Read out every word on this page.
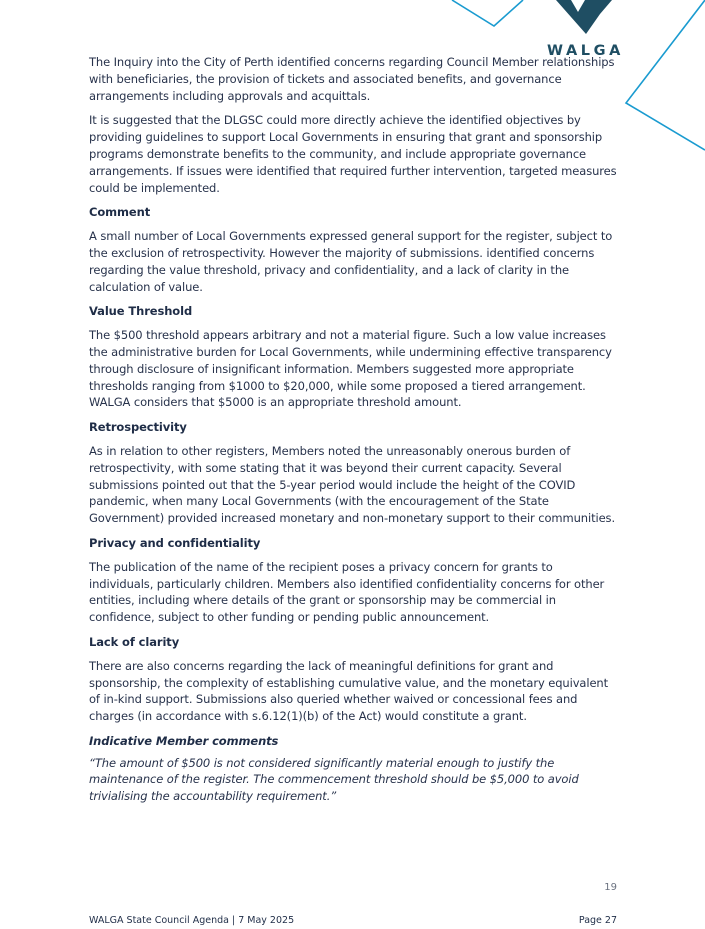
WALGA

The Inquiry into the City of Perth identified concerns regarding Council Member relationships with beneficiaries, the provision of tickets and associated benefits, and governance arrangements including approvals and acquittals.

It is suggested that the DLGSC could more directly achieve the identified objectives by providing guidelines to support Local Governments in ensuring that grant and sponsorship programs demonstrate benefits to the community, and include appropriate governance arrangements. If issues were identified that required further intervention, targeted measures could be implemented.

Comment

A small number of Local Governments expressed general support for the register, subject to the exclusion of retrospectivity. However the majority of submissions. identified concerns regarding the value threshold, privacy and confidentiality, and a lack of clarity in the calculation of value.

Value Threshold

The $500 threshold appears arbitrary and not a material figure. Such a low value increases the administrative burden for Local Governments, while undermining effective transparency through disclosure of insignificant information. Members suggested more appropriate thresholds ranging from $1000 to $20,000, while some proposed a tiered arrangement. WALGA considers that $5000 is an appropriate threshold amount.

Retrospectivity

As in relation to other registers, Members noted the unreasonably onerous burden of retrospectivity, with some stating that it was beyond their current capacity. Several submissions pointed out that the 5-year period would include the height of the COVID pandemic, when many Local Governments (with the encouragement of the State Government) provided increased monetary and non-monetary support to their communities.

Privacy and confidentiality

The publication of the name of the recipient poses a privacy concern for grants to individuals, particularly children. Members also identified confidentiality concerns for other entities, including where details of the grant or sponsorship may be commercial in confidence, subject to other funding or pending public announcement.

Lack of clarity

There are also concerns regarding the lack of meaningful definitions for grant and sponsorship, the complexity of establishing cumulative value, and the monetary equivalent of in-kind support. Submissions also queried whether waived or concessional fees and charges (in accordance with s.6.12(1)(b) of the Act) would constitute a grant.

Indicative Member comments

“The amount of $500 is not considered significantly material enough to justify the maintenance of the register. The commencement threshold should be $5,000 to avoid trivialising the accountability requirement.”

19
WALGA State Council Agenda | 7 May 2025	Page 27
